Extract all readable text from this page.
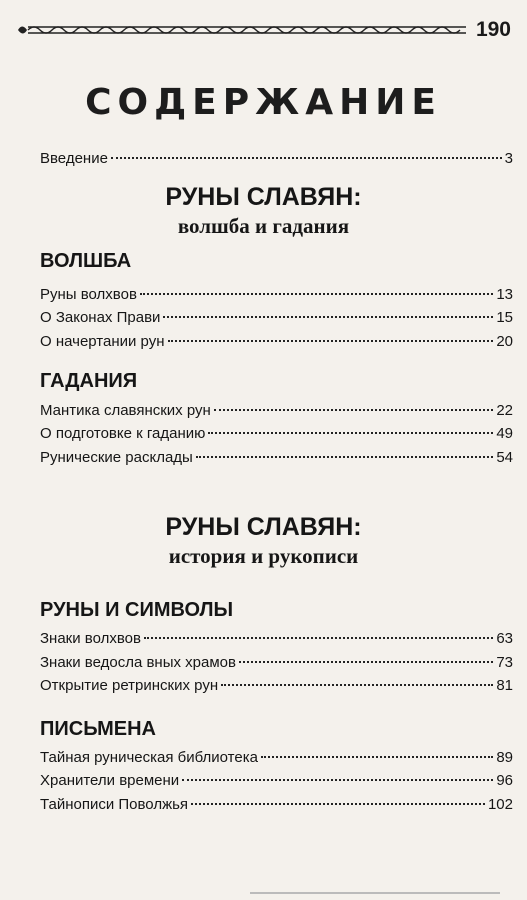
190
СОДЕРЖАНИЕ
Введение	3
РУНЫ СЛАВЯН:
волшба и гадания
ВОЛШБА
Руны волхвов	13
О Законах Прави	15
О начертании рун	20
ГАДАНИЯ
Мантика славянских рун	22
О подготовке к гаданию	49
Рунические расклады	54
РУНЫ СЛАВЯН:
история и рукописи
РУНЫ И СИМВОЛЫ
Знаки волхвов	63
Знаки ведосла вных храмов	73
Открытие ретринских рун	81
ПИСЬМЕНА
Тайная руническая библиотека	89
Хранители времени	96
Тайнописи Поволжья	102
